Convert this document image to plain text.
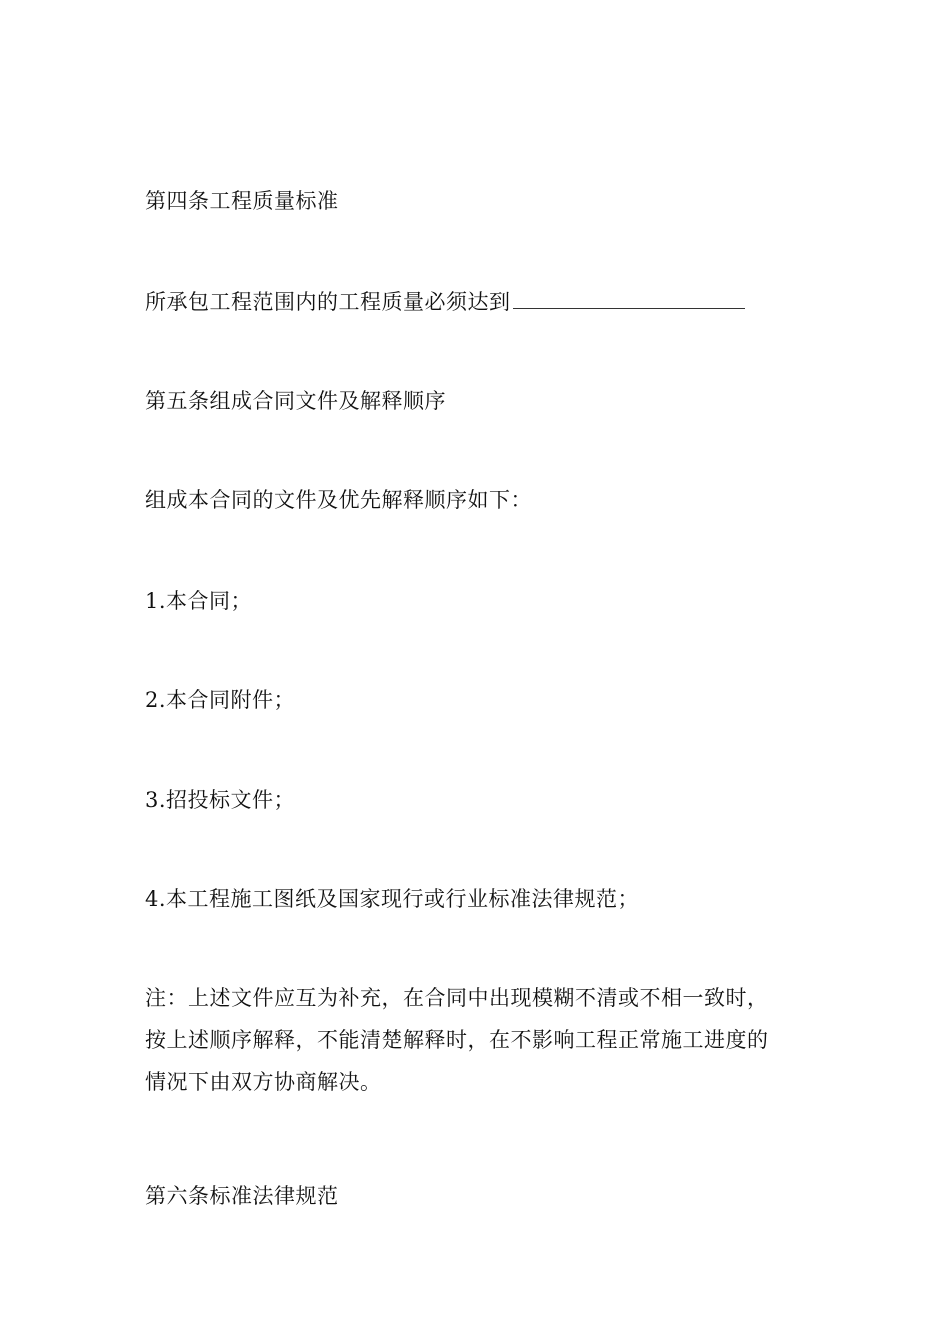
第四条工程质量标准
所承包工程范围内的工程质量必须达到
第五条组成合同文件及解释顺序
组成本合同的文件及优先解释顺序如下：
1.本合同；
2.本合同附件；
3.招投标文件；
4.本工程施工图纸及国家现行或行业标准法律规范；
注：上述文件应互为补充，在合同中出现模糊不清或不相一致时，
按上述顺序解释，不能清楚解释时，在不影响工程正常施工进度的
情况下由双方协商解决。
第六条标准法律规范
